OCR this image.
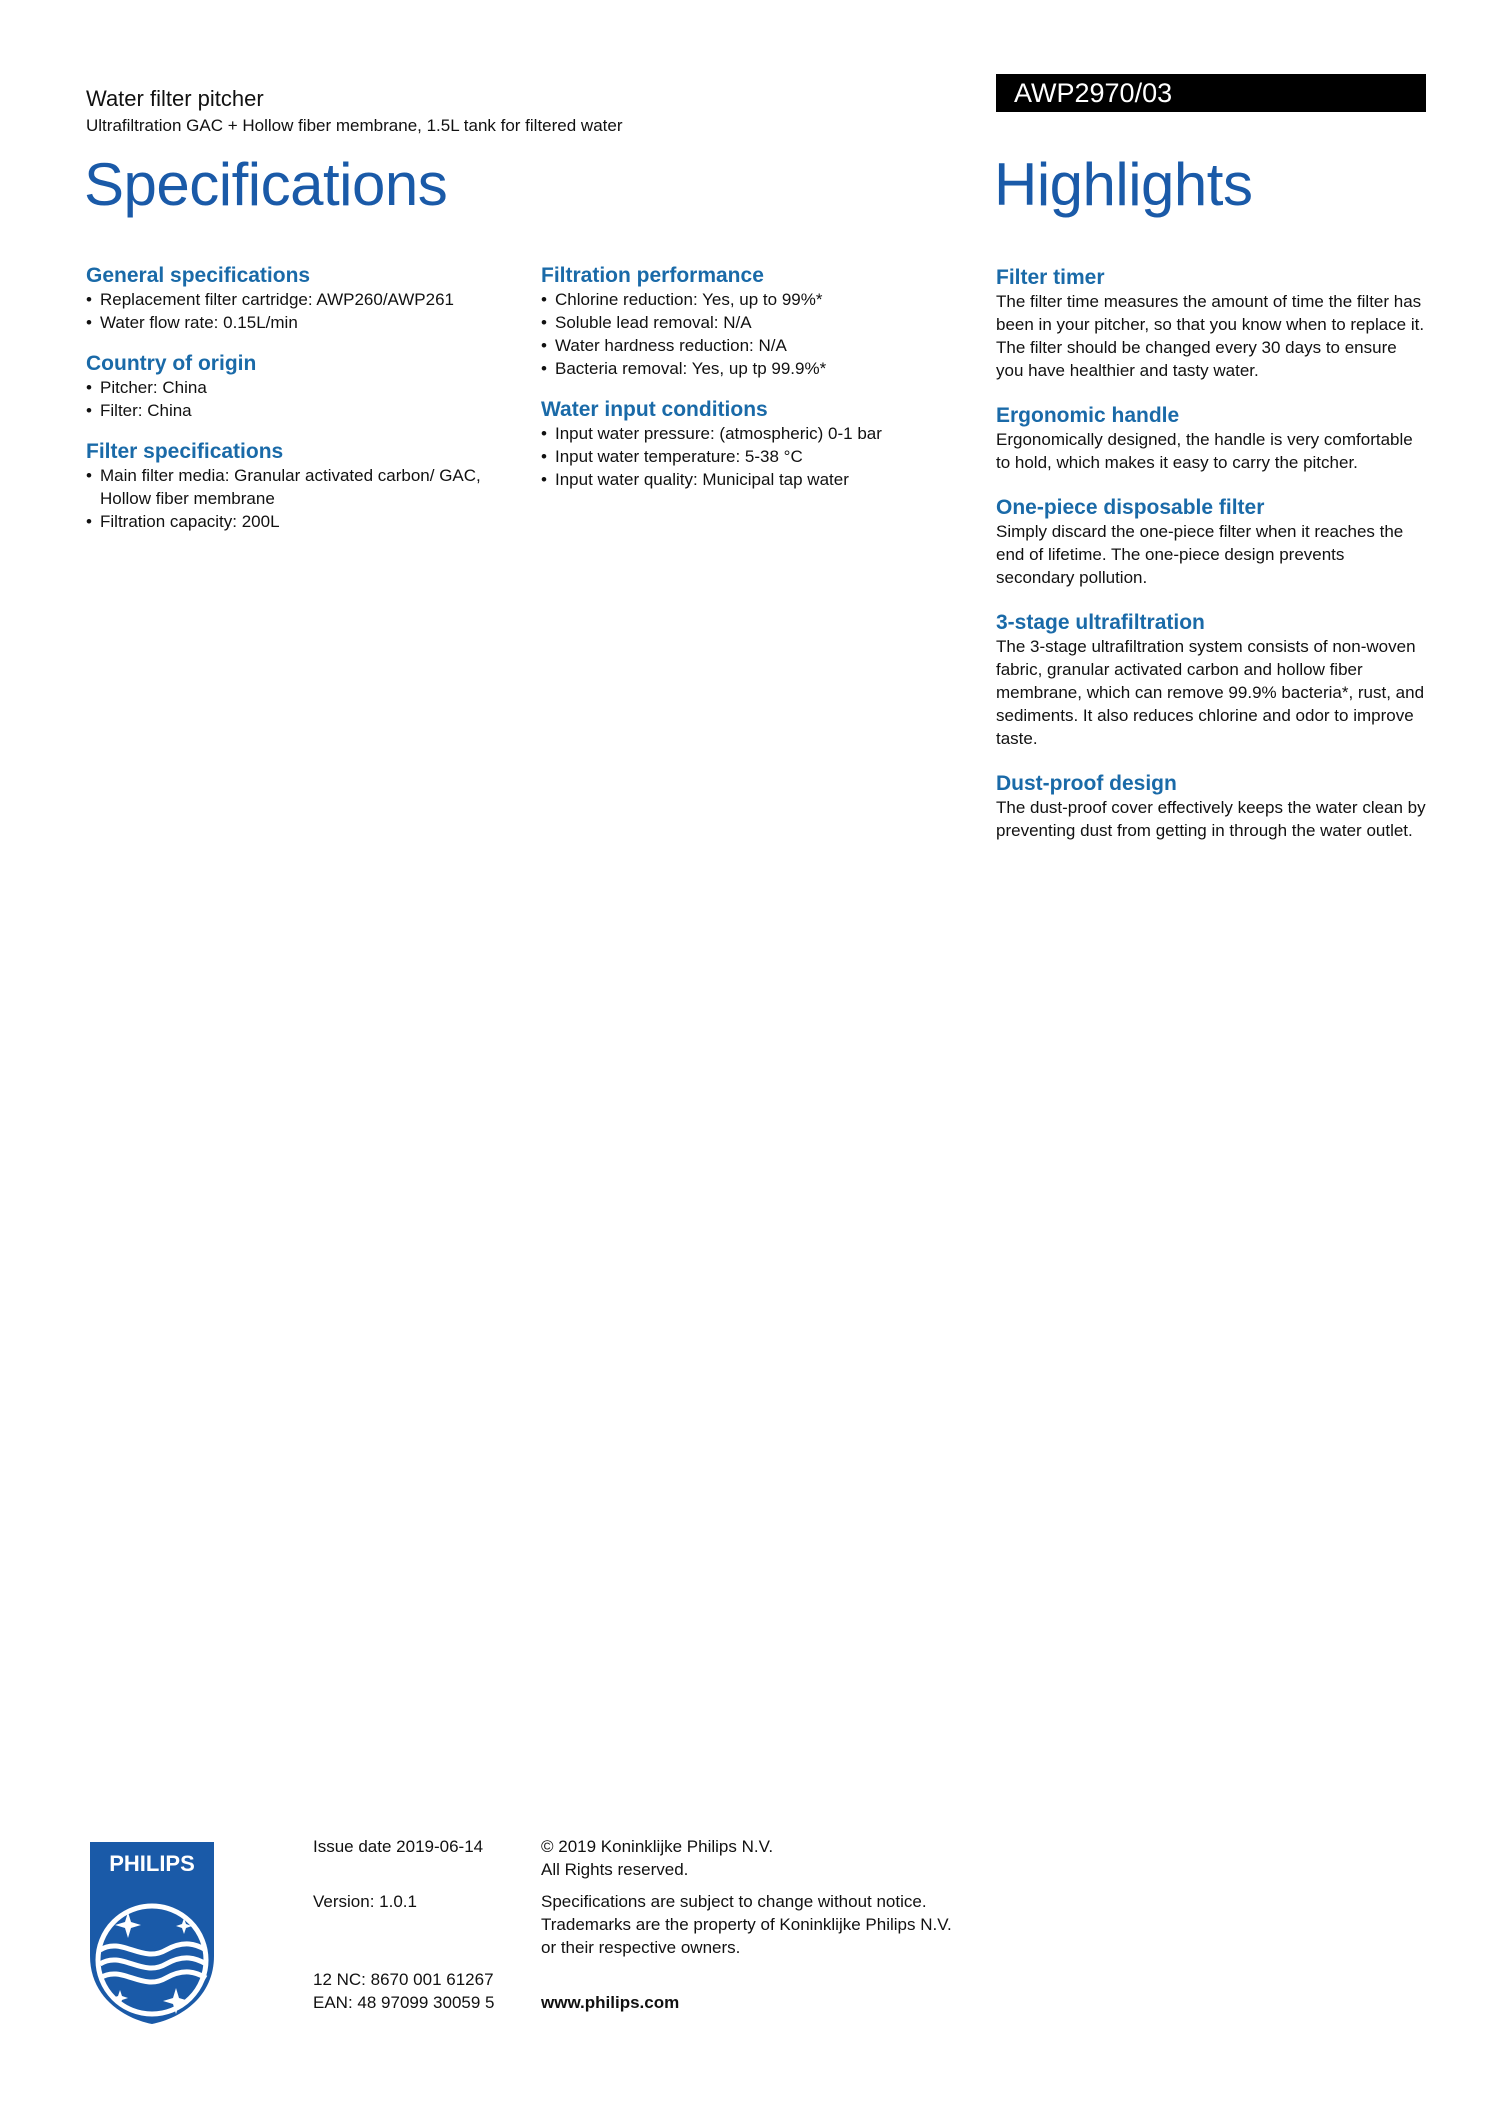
Water filter pitcher
Ultrafiltration GAC + Hollow fiber membrane, 1.5L tank for filtered water
AWP2970/03
Specifications	Highlights
General specifications
• Replacement filter cartridge: AWP260/AWP261
• Water flow rate: 0.15L/min
Country of origin
• Pitcher: China
• Filter: China
Filter specifications
• Main filter media: Granular activated carbon/ GAC, Hollow fiber membrane
• Filtration capacity: 200L
Filtration performance
• Chlorine reduction: Yes, up to 99%*
• Soluble lead removal: N/A
• Water hardness reduction: N/A
• Bacteria removal: Yes, up tp 99.9%*
Water input conditions
• Input water pressure: (atmospheric) 0-1 bar
• Input water temperature: 5-38 °C
• Input water quality: Municipal tap water
Filter timer
The filter time measures the amount of time the filter has been in your pitcher, so that you know when to replace it. The filter should be changed every 30 days to ensure you have healthier and tasty water.
Ergonomic handle
Ergonomically designed, the handle is very comfortable to hold, which makes it easy to carry the pitcher.
One-piece disposable filter
Simply discard the one-piece filter when it reaches the end of lifetime. The one-piece design prevents secondary pollution.
3-stage ultrafiltration
The 3-stage ultrafiltration system consists of non-woven fabric, granular activated carbon and hollow fiber membrane, which can remove 99.9% bacteria*, rust, and sediments. It also reduces chlorine and odor to improve taste.
Dust-proof design
The dust-proof cover effectively keeps the water clean by preventing dust from getting in through the water outlet.
PHILIPS
Issue date 2019-06-14
Version: 1.0.1
12 NC: 8670 001 61267
EAN: 48 97099 30059 5
© 2019 Koninklijke Philips N.V.
All Rights reserved.
Specifications are subject to change without notice.
Trademarks are the property of Koninklijke Philips N.V.
or their respective owners.
www.philips.com
